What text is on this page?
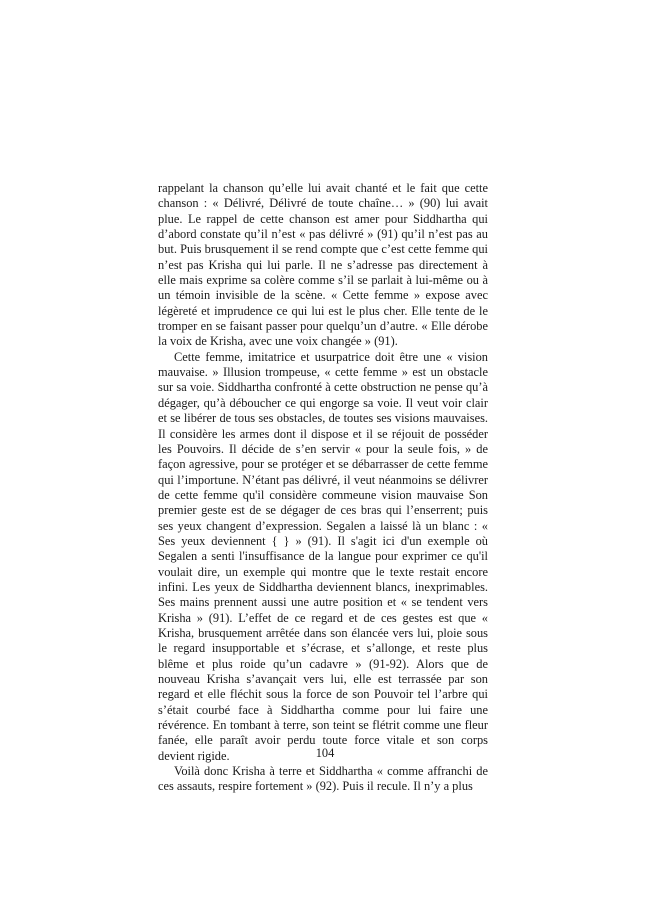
rappelant la chanson qu’elle lui avait chanté et le fait que cette chanson : « Délivré, Délivré de toute chaîne… » (90) lui avait plue. Le rappel de cette chanson est amer pour Siddhartha qui d’abord constate qu’il n’est « pas délivré » (91) qu’il n’est pas au but. Puis brusquement il se rend compte que c’est cette femme qui n’est pas Krisha qui lui parle. Il ne s’adresse pas directement à elle mais exprime sa colère comme s’il se parlait à lui-même ou à un témoin invisible de la scène. « Cette femme » expose avec légèreté et imprudence ce qui lui est le plus cher. Elle tente de le tromper en se faisant passer pour quelqu’un d’autre. « Elle dérobe la voix de Krisha, avec une voix changée » (91).

Cette femme, imitatrice et usurpatrice doit être une « vision mauvaise. » Illusion trompeuse, « cette femme » est un obstacle sur sa voie. Siddhartha confronté à cette obstruction ne pense qu’à dégager, qu’à déboucher ce qui engorge sa voie. Il veut voir clair et se libérer de tous ses obstacles, de toutes ses visions mauvaises. Il considère les armes dont il dispose et il se réjouit de posséder les Pouvoirs. Il décide de s’en servir « pour la seule fois, » de façon agressive, pour se protéger et se débarrasser de cette femme qui l’importune. N’étant pas délivré, il veut néanmoins se délivrer de cette femme qu'il considère commeune vision mauvaise Son premier geste est de se dégager de ces bras qui l’enserrent; puis ses yeux changent d’expression. Segalen a laissé là un blanc : « Ses yeux deviennent { } » (91). Il s'agit ici d'un exemple où Segalen a senti l'insuffisance de la langue pour exprimer ce qu'il voulait dire, un exemple qui montre que le texte restait encore infini. Les yeux de Siddhartha deviennent blancs, inexprimables. Ses mains prennent aussi une autre position et « se tendent vers Krisha » (91). L’effet de ce regard et de ces gestes est que « Krisha, brusquement arrêtée dans son élancée vers lui, ploie sous le regard insupportable et s’écrase, et s’allonge, et reste plus blême et plus roide qu’un cadavre » (91-92). Alors que de nouveau Krisha s’avançait vers lui, elle est terrassée par son regard et elle fléchit sous la force de son Pouvoir tel l’arbre qui s’était courbé face à Siddhartha comme pour lui faire une révérence. En tombant à terre, son teint se flétrit comme une fleur fanée, elle paraît avoir perdu toute force vitale et son corps devient rigide.

Voilà donc Krisha à terre et Siddhartha « comme affranchi de ces assauts, respire fortement » (92). Puis il recule. Il n’y a plus

104
